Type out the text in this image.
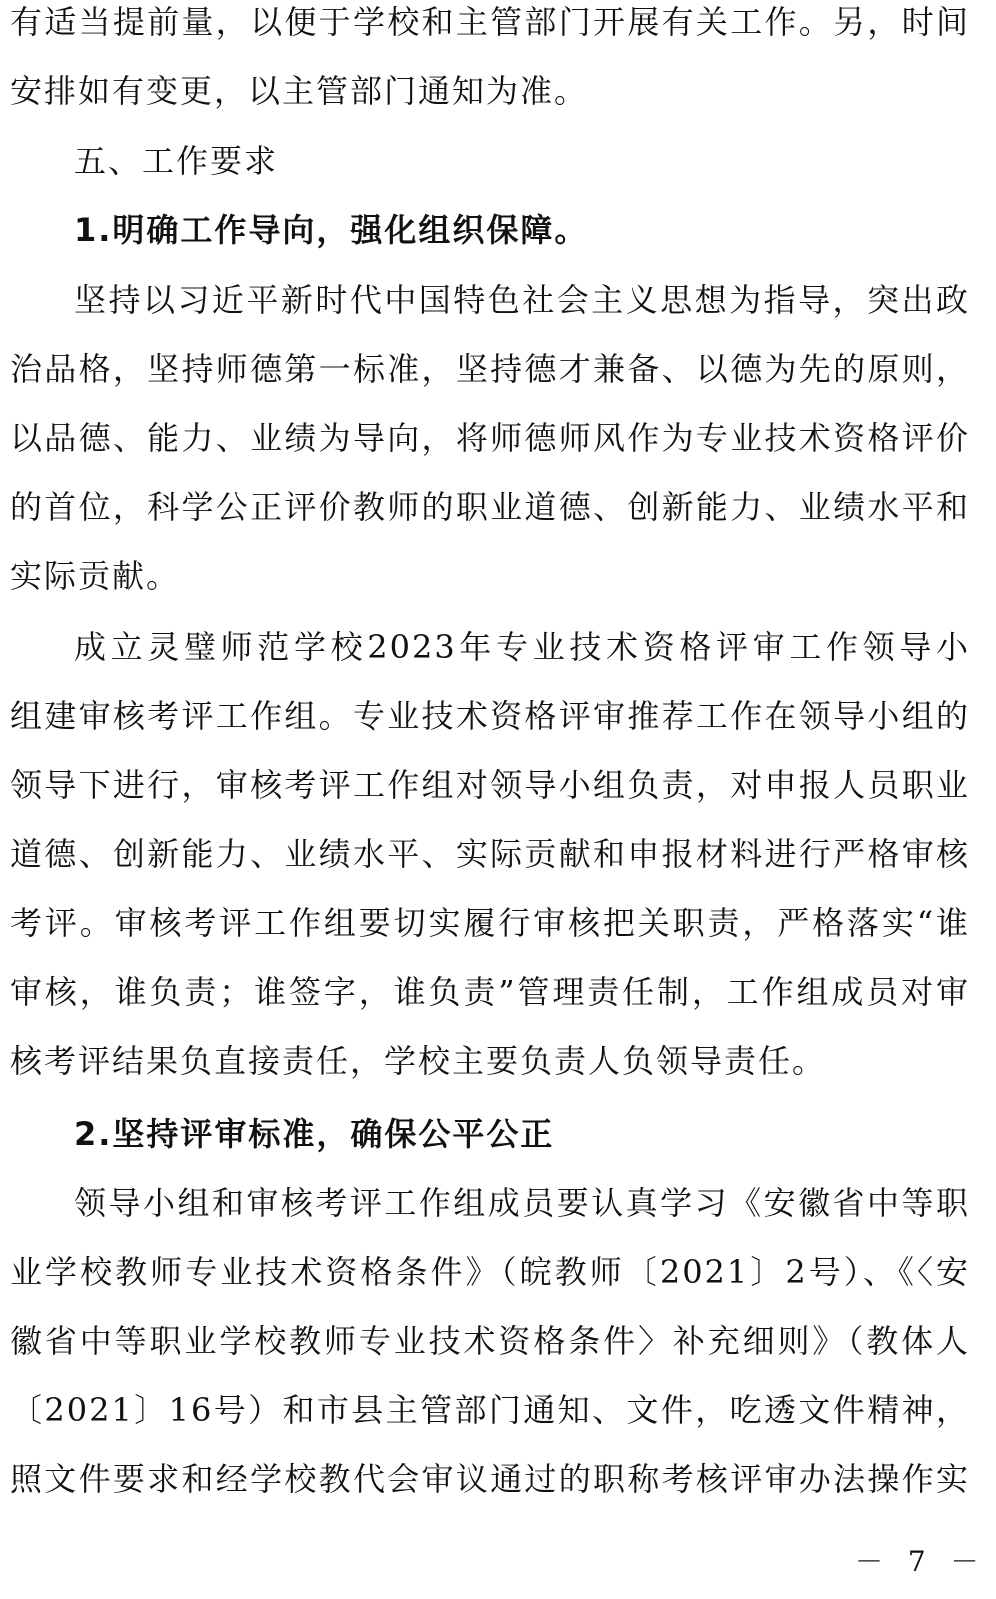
有适当提前量，以便于学校和主管部门开展有关工作。另，时间
安排如有变更，以主管部门通知为准。
五、工作要求
1.明确工作导向，强化组织保障。
坚持以习近平新时代中国特色社会主义思想为指导，突出政
治品格，坚持师德第一标准，坚持德才兼备、以德为先的原则，
以品德、能力、业绩为导向，将师德师风作为专业技术资格评价
的首位，科学公正评价教师的职业道德、创新能力、业绩水平和
实际贡献。
成立灵璧师范学校2023年专业技术资格评审工作领导小
组建审核考评工作组。专业技术资格评审推荐工作在领导小组的
领导下进行，审核考评工作组对领导小组负责，对申报人员职业
道德、创新能力、业绩水平、实际贡献和申报材料进行严格审核
考评。审核考评工作组要切实履行审核把关职责，严格落实“谁
审核，谁负责；谁签字，谁负责”管理责任制，工作组成员对审
核考评结果负直接责任，学校主要负责人负领导责任。
2.坚持评审标准，确保公平公正
领导小组和审核考评工作组成员要认真学习《安徽省中等职
业学校教师专业技术资格条件》（皖教师〔2021〕2号）、《〈安
徽省中等职业学校教师专业技术资格条件〉补充细则》（教体人
〔2021〕16号）和市县主管部门通知、文件，吃透文件精神，
照文件要求和经学校教代会审议通过的职称考核评审办法操作实
－ 7 －
